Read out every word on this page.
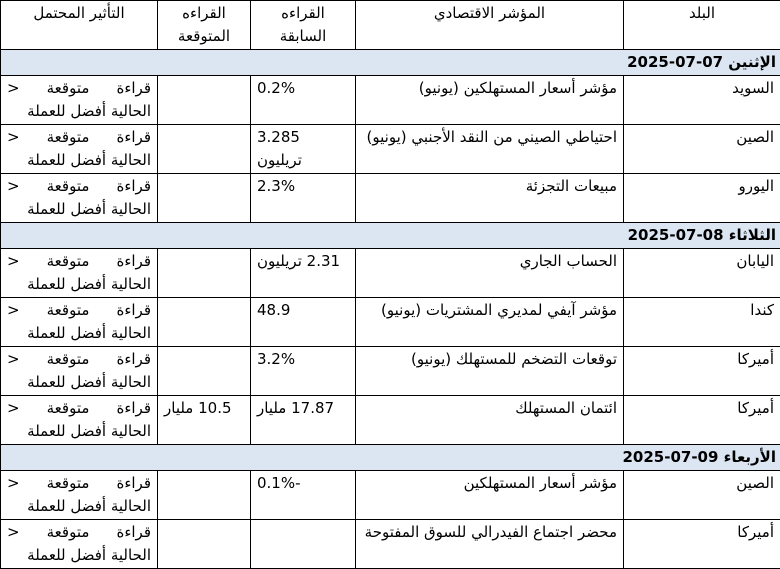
البلد	المؤشر الاقتصادي	القراءه السابقة	القراءه المتوقعة	التأثير المحتمل
الإثنين 07-07-2025				
السويد	مؤشر أسعار المستهلكين (يونيو)	0.2%		قراءة متوقعة < الحالية أفضل للعملة
الصين	احتياطي الصيني من النقد الأجنبي (يونيو)	3.285 تريليون		قراءة متوقعة < الحالية أفضل للعملة
اليورو	مبيعات التجزئة	2.3%		قراءة متوقعة < الحالية أفضل للعملة
الثلاثاء 08-07-2025				
اليابان	الحساب الجاري	2.31 تريليون		قراءة متوقعة < الحالية أفضل للعملة
كندا	مؤشر آيفي لمديري المشتريات (يونيو)	48.9		قراءة متوقعة < الحالية أفضل للعملة
أميركا	توقعات التضخم للمستهلك (يونيو)	3.2%		قراءة متوقعة < الحالية أفضل للعملة
أميركا	ائتمان المستهلك	17.87 مليار	10.5 مليار	قراءة متوقعة < الحالية أفضل للعملة
الأربعاء 09-07-2025				
الصين	مؤشر أسعار المستهلكين	-0.1%		قراءة متوقعة < الحالية أفضل للعملة
أميركا	محضر اجتماع الفيدرالي للسوق المفتوحة			قراءة متوقعة < الحالية أفضل للعملة
